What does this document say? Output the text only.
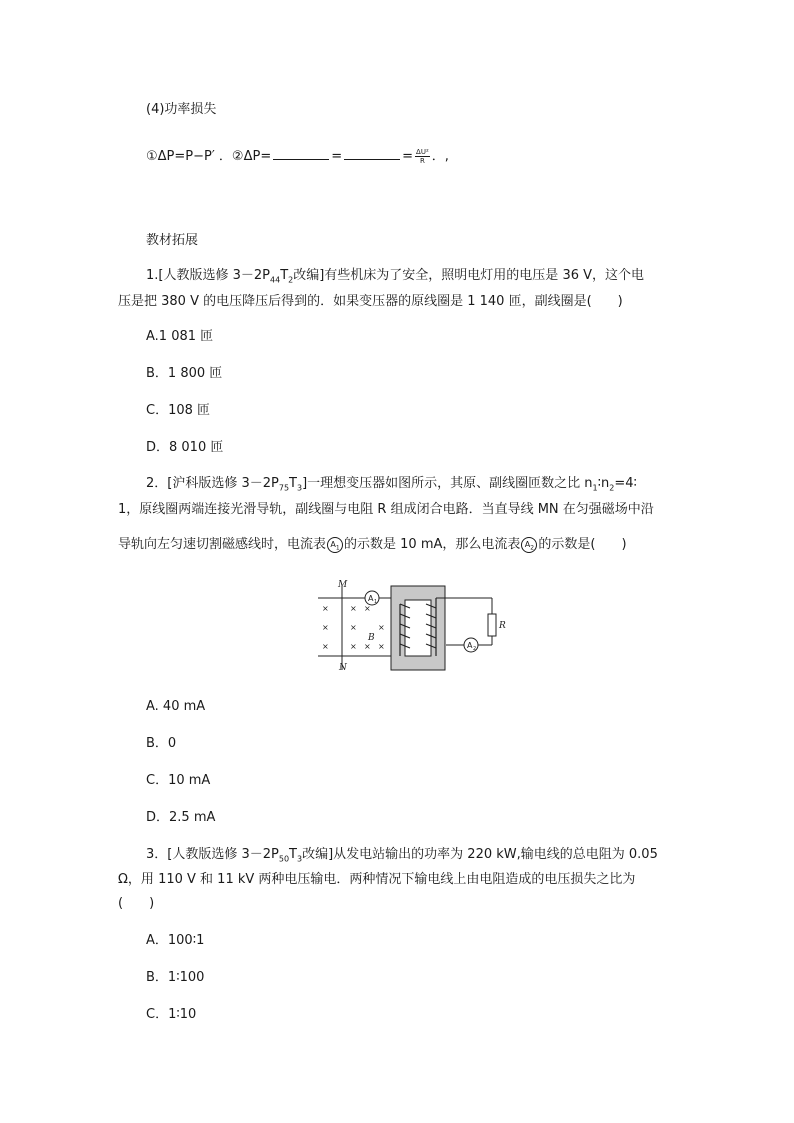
(4)功率损失
①ΔP=P−P′ ．②ΔP=	=	= $\frac{\text{ΔU²}}{R}$ ．,
教材拓展
1.[人教版选修 $3-2P_{44}T_2$改编]有些机床为了安全，照明电灯用的电压是 36 V，这个电
压是把 380 V 的电压降压后得到的．如果变压器的原线圈是 1 140 匝，副线圈是(　　)
A.1 081 匝
B．1 800 匝
C．108 匝
D．8 010 匝
2．[沪科版选修 $3-2P_{75}T_3$]一理想变压器如图所示，其原、副线圈匝数之比 $n_1∶n_2=4∶$
1，原线圈两端连接光滑导轨，副线圈与电阻 R 组成闭合电路．当直导线 MN 在匀强磁场中沿
导轨向左匀速切割磁感线时，电流表 $A_1$ 的示数是 10 mA，那么电流表 $A_2$ 的示数是(　　)
M
N
×
×
×
×
×
×
×
×
× ×
B
A 1
R
A 2
A. 40 mA
B．0
C．10 mA
D．2.5 mA
3．[人教版选修 $3-2P_{50}T_3$改编]从发电站输出的功率为 220 kW,输电线的总电阻为 0.05
Ω，用 110 V 和 11 kV 两种电压输电．两种情况下输电线上由电阻造成的电压损失之比为
(　　)
A．100∶1
B．1∶100
C．1∶10
